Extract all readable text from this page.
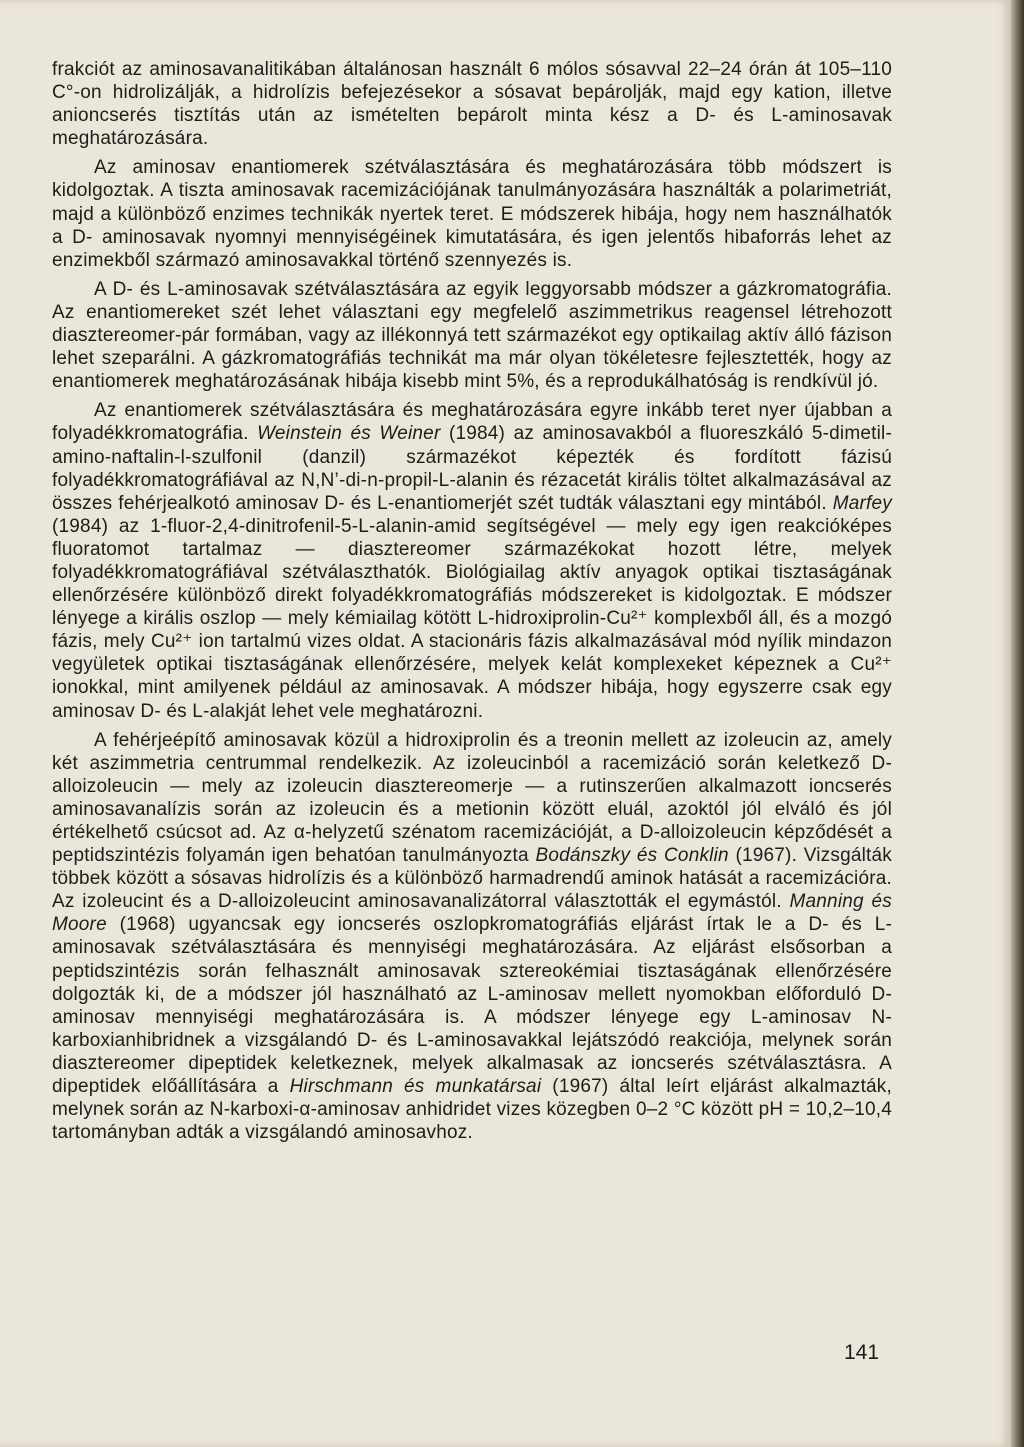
frakciót az aminosavanalitikában általánosan használt 6 mólos sósavval 22–24 órán át 105–110 C°-on hidrolizálják, a hidrolízis befejezésekor a sósavat bepárolják, majd egy kation, illetve anioncserés tisztítás után az ismételten bepárolt minta kész a D- és L-aminosavak meghatározására.

Az aminosav enantiomerek szétválasztására és meghatározására több módszert is kidolgoztak. A tiszta aminosavak racemizációjának tanulmányozására használták a polarimetriát, majd a különböző enzimes technikák nyertek teret. E módszerek hibája, hogy nem használhatók a D- aminosavak nyomnyi mennyiségéinek kimutatására, és igen jelentős hibaforrás lehet az enzimekből származó aminosavakkal történő szennyezés is.

A D- és L-aminosavak szétválasztására az egyik leggyorsabb módszer a gázkromatográfia. Az enantiomereket szét lehet választani egy megfelelő aszimmetrikus reagensel létrehozott diasztereomer-pár formában, vagy az illékonnyá tett származékot egy optikailag aktív álló fázison lehet szeparálni. A gázkromatográfiás technikát ma már olyan tökéletesre fejlesztették, hogy az enantiomerek meghatározásának hibája kisebb mint 5%, és a reprodukálhatóság is rendkívül jó.

Az enantiomerek szétválasztására és meghatározására egyre inkább teret nyer újabban a folyadékkromatográfia. Weinstein és Weiner (1984) az aminosavakból a fluoreszkáló 5-dimetil-amino-naftalin-l-szulfonil (danzil) származékot képezték és fordított fázisú folyadékkromatográfiával az N,N’-di-n-propil-L-alanin és rézacetát királis töltet alkalmazásával az összes fehérjealkotó aminosav D- és L-enantiomerjét szét tudták választani egy mintából. Marfey (1984) az 1-fluor-2,4-dinitrofenil-5-L-alanin-amid segítségével — mely egy igen reakcióképes fluoratomot tartalmaz — diasztereomer származékokat hozott létre, melyek folyadékkromatográfiával szétválaszthatók. Biológiailag aktív anyagok optikai tisztaságának ellenőrzésére különböző direkt folyadékkromatográfiás módszereket is kidolgoztak. E módszer lényege a királis oszlop — mely kémiailag kötött L-hidroxiprolin-Cu²⁺ komplexből áll, és a mozgó fázis, mely Cu²⁺ ion tartalmú vizes oldat. A stacionáris fázis alkalmazásával mód nyílik mindazon vegyületek optikai tisztaságának ellenőrzésére, melyek kelát komplexeket képeznek a Cu²⁺ ionokkal, mint amilyenek például az aminosavak. A módszer hibája, hogy egyszerre csak egy aminosav D- és L-alakját lehet vele meghatározni.

A fehérjeépítő aminosavak közül a hidroxiprolin és a treonin mellett az izoleucin az, amely két aszimmetria centrummal rendelkezik. Az izoleucinból a racemizáció során keletkező D-alloizoleucin — mely az izoleucin diasztereomerje — a rutinszerűen alkalmazott ioncserés aminosavanalízis során az izoleucin és a metionin között eluál, azoktól jól elváló és jól értékelhető csúcsot ad. Az α-helyzetű szénatom racemizációját, a D-alloizoleucin képződését a peptidszintézis folyamán igen behatóan tanulmányozta Bodánszky és Conklin (1967). Vizsgálták többek között a sósavas hidrolízis és a különböző harmadrendű aminok hatását a racemizációra. Az izoleucint és a D-alloizoleucint aminosavanalizátorral választották el egymástól. Manning és Moore (1968) ugyancsak egy ioncserés oszlopkromatográfiás eljárást írtak le a D- és L-aminosavak szétválasztására és mennyiségi meghatározására. Az eljárást elsősorban a peptidszintézis során felhasznált aminosavak sztereokémiai tisztaságának ellenőrzésére dolgozták ki, de a módszer jól használható az L-aminosav mellett nyomokban előforduló D-aminosav mennyiségi meghatározására is. A módszer lényege egy L-aminosav N-karboxianhibridnek a vizsgálandó D- és L-aminosavakkal lejátszódó reakciója, melynek során diasztereomer dipeptidek keletkeznek, melyek alkalmasak az ioncserés szétválasztásra. A dipeptidek előállítására a Hirschmann és munkatársai (1967) által leírt eljárást alkalmazták, melynek során az N-karboxi-α-aminosav anhidridet vizes közegben 0–2 °C között pH = 10,2–10,4 tartományban adták a vizsgálandó aminosavhoz.

141
